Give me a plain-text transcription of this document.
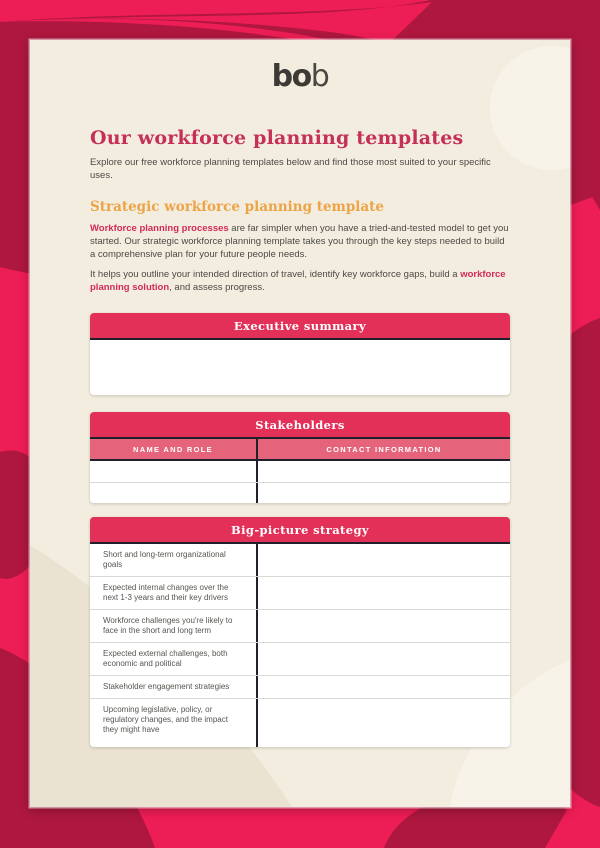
bob
Our workforce planning templates

Explore our free workforce planning templates below and find those most suited to your specific uses.

Strategic workforce planning template

Workforce planning processes are far simpler when you have a tried-and-tested model to get you started. Our strategic workforce planning template takes you through the key steps needed to build a comprehensive plan for your future people needs.

It helps you outline your intended direction of travel, identify key workforce gaps, build a workforce planning solution, and assess progress.

Executive summary
Stakeholders
NAME AND ROLE	CONTACT INFORMATION
Big-picture strategy
Short and long-term organizational goals
Expected internal changes over the next 1-3 years and their key drivers
Workforce challenges you're likely to face in the short and long term
Expected external challenges, both economic and political
Stakeholder engagement strategies
Upcoming legislative, policy, or regulatory changes, and the impact they might have
